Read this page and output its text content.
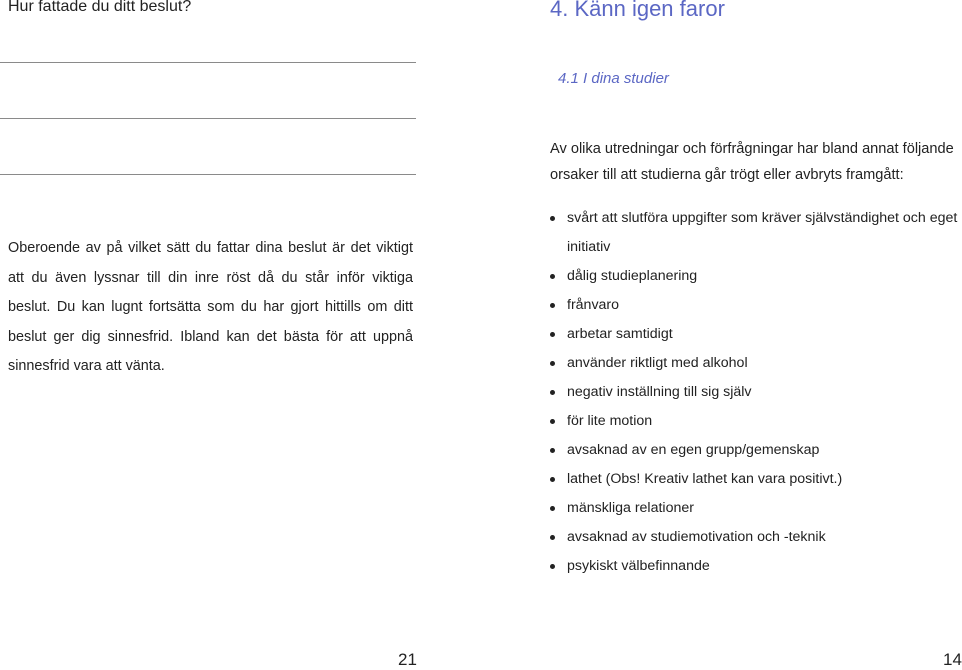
Hur fattade du ditt beslut?
Oberoende av på vilket sätt du fattar dina beslut är det viktigt att du även lyssnar till din inre röst då du står inför viktiga beslut. Du kan lugnt fortsätta som du har gjort hittills om ditt beslut ger dig sinnesfrid. Ibland kan det bästa för att uppnå sinnesfrid vara att vänta.
21
4. Känn igen faror
4.1 I dina studier
Av olika utredningar och förfrågningar har bland annat följande orsaker till att studierna går trögt eller avbryts framgått:
svårt att slutföra uppgifter som kräver självständighet och eget initiativ
dålig studieplanering
frånvaro
arbetar samtidigt
använder riktligt med alkohol
negativ inställning till sig själv
för lite motion
avsaknad av en egen grupp/gemenskap
lathet (Obs! Kreativ lathet kan vara positivt.)
mänskliga relationer
avsaknad av studiemotivation och -teknik
psykiskt välbefinnande
14
